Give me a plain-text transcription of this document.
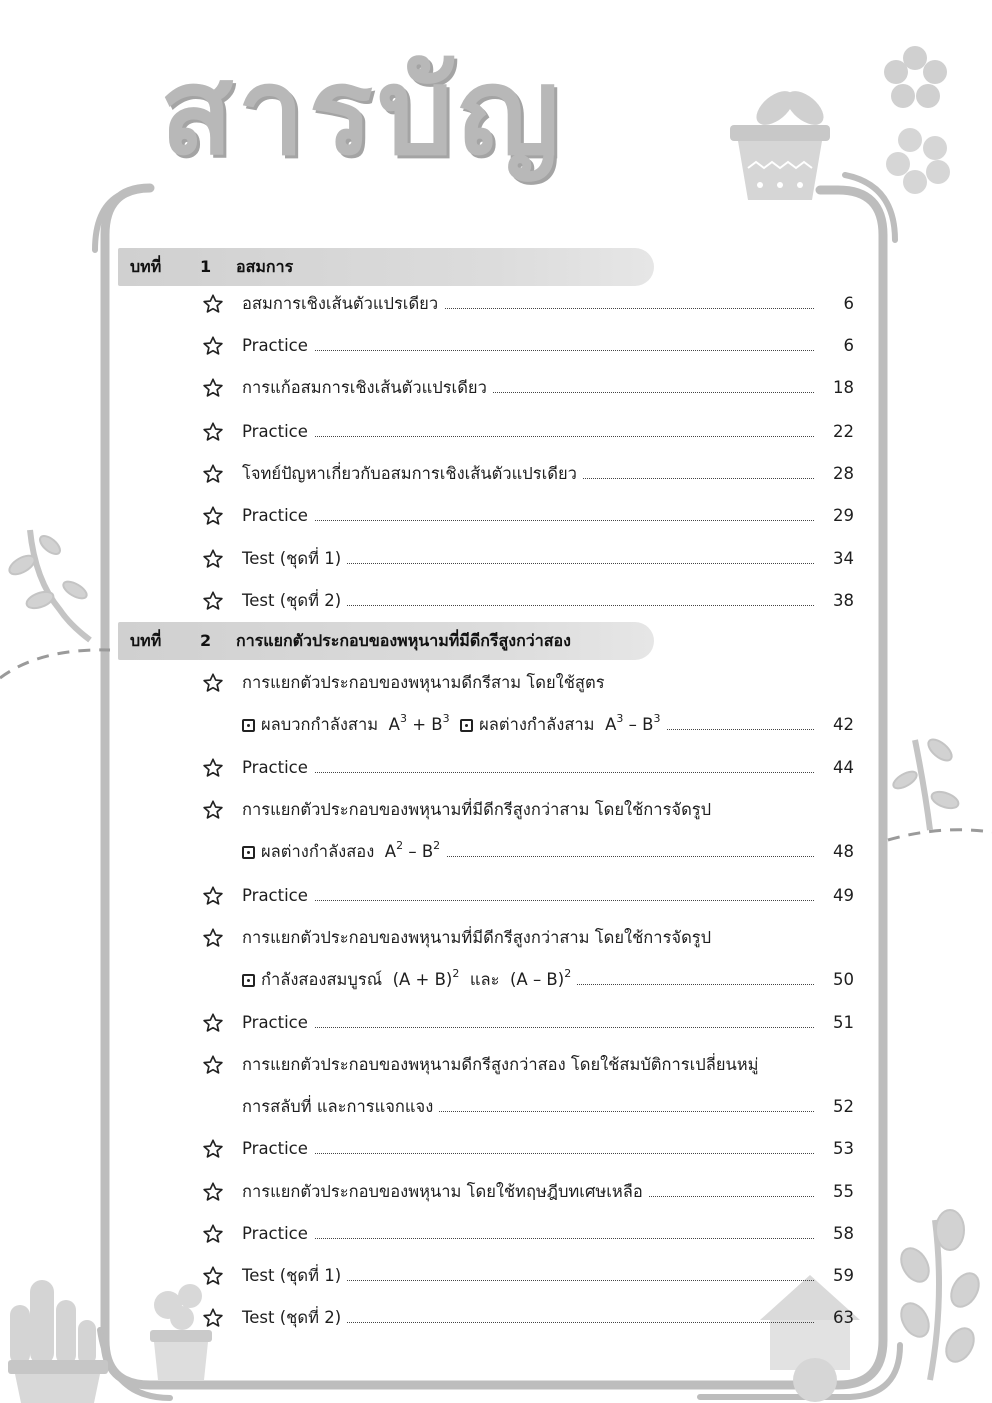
สารบัญ
บทที่ 1 อสมการ
อสมการเชิงเส้นตัวแปรเดียว	6
Practice	6
การแก้อสมการเชิงเส้นตัวแปรเดียว	18
Practice	22
โจทย์ปัญหาเกี่ยวกับอสมการเชิงเส้นตัวแปรเดียว	28
Practice	29
Test (ชุดที่ 1)	34
Test (ชุดที่ 2)	38
บทที่ 2 การแยกตัวประกอบของพหุนามที่มีดีกรีสูงกว่าสอง
การแยกตัวประกอบของพหุนามดีกรีสาม โดยใช้สูตร
ผลบวกกำลังสาม $A^3 + B^3$ ผลต่างกำลังสาม $A^3 - B^3$	42
Practice	44
การแยกตัวประกอบของพหุนามที่มีดีกรีสูงกว่าสาม โดยใช้การจัดรูป
ผลต่างกำลังสอง $A^2 - B^2$	48
Practice	49
การแยกตัวประกอบของพหุนามที่มีดีกรีสูงกว่าสาม โดยใช้การจัดรูป
กำลังสองสมบูรณ์ $(A + B)^2$ และ (A – B)$^2$	50
Practice	51
การแยกตัวประกอบของพหุนามดีกรีสูงกว่าสอง โดยใช้สมบัติการเปลี่ยนหมู่
การสลับที่ และการแจกแจง	52
Practice	53
การแยกตัวประกอบของพหุนาม โดยใช้ทฤษฎีบทเศษเหลือ	55
Practice	58
Test (ชุดที่ 1)	59
Test (ชุดที่ 2)	63
